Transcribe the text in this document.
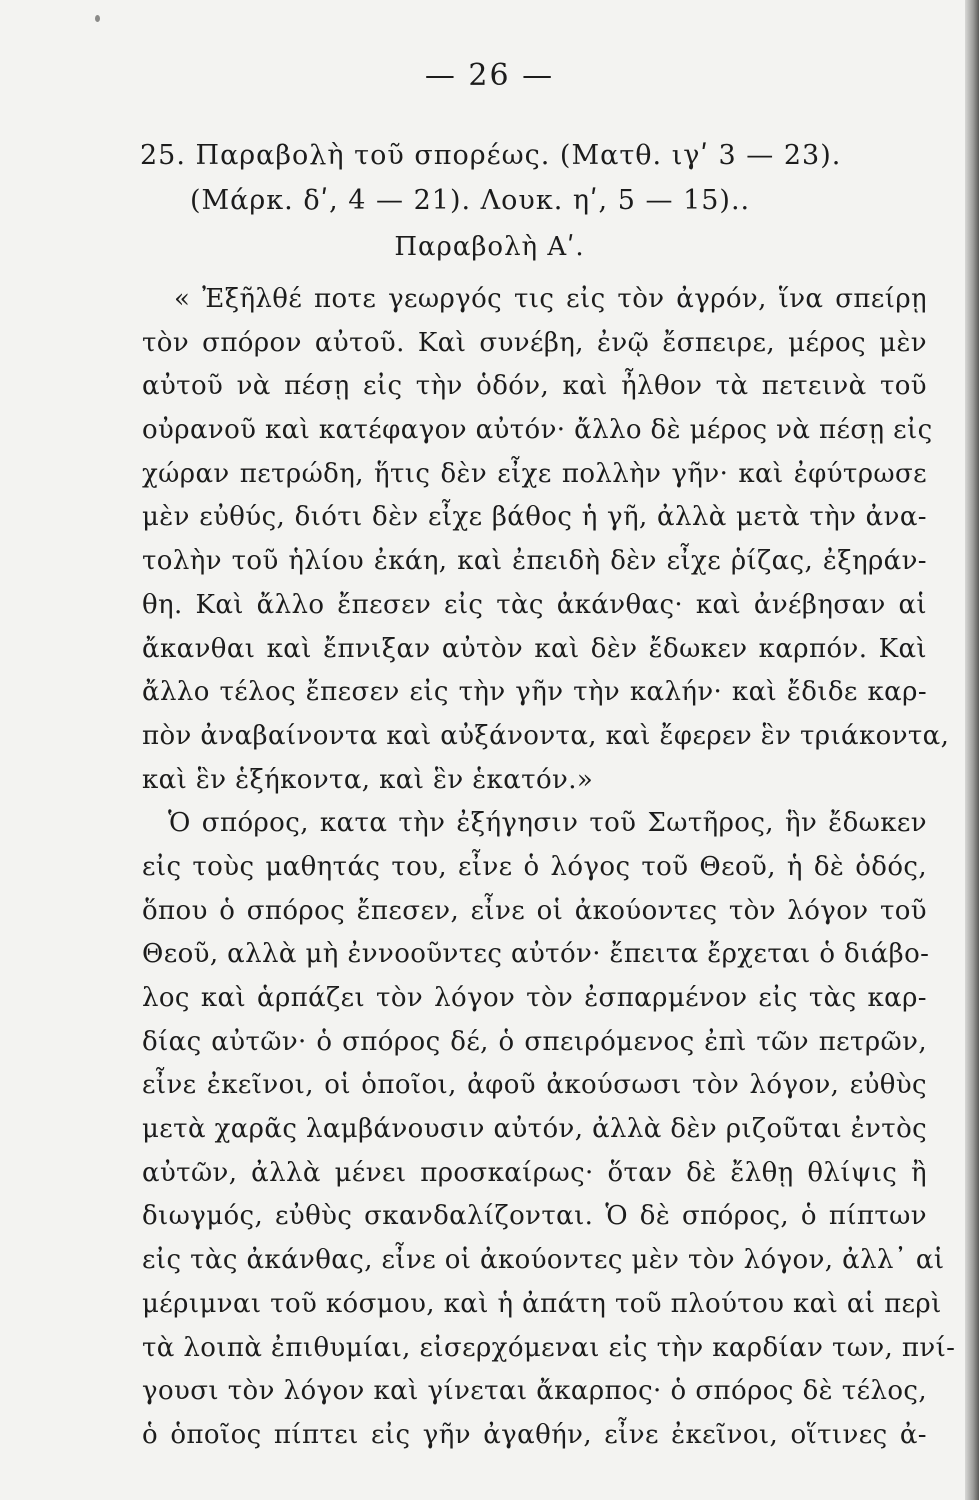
— 26 —
25. Παραβολὴ τοῦ σπορέως. (Ματθ. ιγʹ 3 — 23).
(Μάρκ. δʹ, 4 — 21). Λουκ. ηʹ, 5 — 15)..
Παραβολὴ Αʹ.
« Ἐξῆλθέ ποτε γεωργός τις εἰς τὸν ἀγρόν, ἵνα σπείρῃ
τὸν σπόρον αὐτοῦ. Καὶ συνέβη, ἐνῷ ἔσπειρε, μέρος μὲν
αὐτοῦ νὰ πέσῃ εἰς τὴν ὁδόν, καὶ ἦλθον τὰ πετεινὰ τοῦ
οὐρανοῦ καὶ κατέφαγον αὐτόν· ἄλλο δὲ μέρος νὰ πέσῃ εἰς
χώραν πετρώδη, ἥτις δὲν εἶχε πολλὴν γῆν· καὶ ἐφύτρωσε
μὲν εὐθύς, διότι δὲν εἶχε βάθος ἡ γῆ, ἀλλὰ μετὰ τὴν ἀνα-
τολὴν τοῦ ἡλίου ἐκάη, καὶ ἐπειδὴ δὲν εἶχε ῥίζας, ἐξηράν-
θη. Καὶ ἄλλο ἔπεσεν εἰς τὰς ἀκάνθας· καὶ ἀνέβησαν αἱ
ἄκανθαι καὶ ἔπνιξαν αὐτὸν καὶ δὲν ἔδωκεν καρπόν. Καὶ
ἄλλο τέλος ἔπεσεν εἰς τὴν γῆν τὴν καλήν· καὶ ἔδιδε καρ-
πὸν ἀναβαίνοντα καὶ αὐξάνοντα, καὶ ἔφερεν ἓν τριάκοντα,
καὶ ἓν ἑξήκοντα, καὶ ἓν ἑκατόν.»
Ὁ σπόρος, κατα τὴν ἐξήγησιν τοῦ Σωτῆρος, ἣν ἔδωκεν
εἰς τοὺς μαθητάς του, εἶνε ὁ λόγος τοῦ Θεοῦ, ἡ δὲ ὁδός,
ὅπου ὁ σπόρος ἔπεσεν, εἶνε οἱ ἀκούοντες τὸν λόγον τοῦ
Θεοῦ, αλλὰ μὴ ἐννοοῦντες αὐτόν· ἔπειτα ἔρχεται ὁ διάβο-
λος καὶ ἁρπάζει τὸν λόγον τὸν ἐσπαρμένον εἰς τὰς καρ-
δίας αὐτῶν· ὁ σπόρος δέ, ὁ σπειρόμενος ἐπὶ τῶν πετρῶν,
εἶνε ἐκεῖνοι, οἱ ὁποῖοι, ἀφοῦ ἀκούσωσι τὸν λόγον, εὐθὺς
μετὰ χαρᾶς λαμβάνουσιν αὐτόν, ἀλλὰ δὲν ριζοῦται ἐντὸς
αὐτῶν, ἀλλὰ μένει προσκαίρως· ὅταν δὲ ἔλθῃ θλίψις ἢ
διωγμός, εὐθὺς σκανδαλίζονται. Ὁ δὲ σπόρος, ὁ πίπτων
εἰς τὰς ἀκάνθας, εἶνε οἱ ἀκούοντες μὲν τὸν λόγον, ἀλλ᾽ αἱ
μέριμναι τοῦ κόσμου, καὶ ἡ ἀπάτη τοῦ πλούτου καὶ αἱ περὶ
τὰ λοιπὰ ἐπιθυμίαι, εἰσερχόμεναι εἰς τὴν καρδίαν των, πνί-
γουσι τὸν λόγον καὶ γίνεται ἄκαρπος· ὁ σπόρος δὲ τέλος,
ὁ ὁποῖος πίπτει εἰς γῆν ἀγαθήν, εἶνε ἐκεῖνοι, οἵτινες ἀ-
